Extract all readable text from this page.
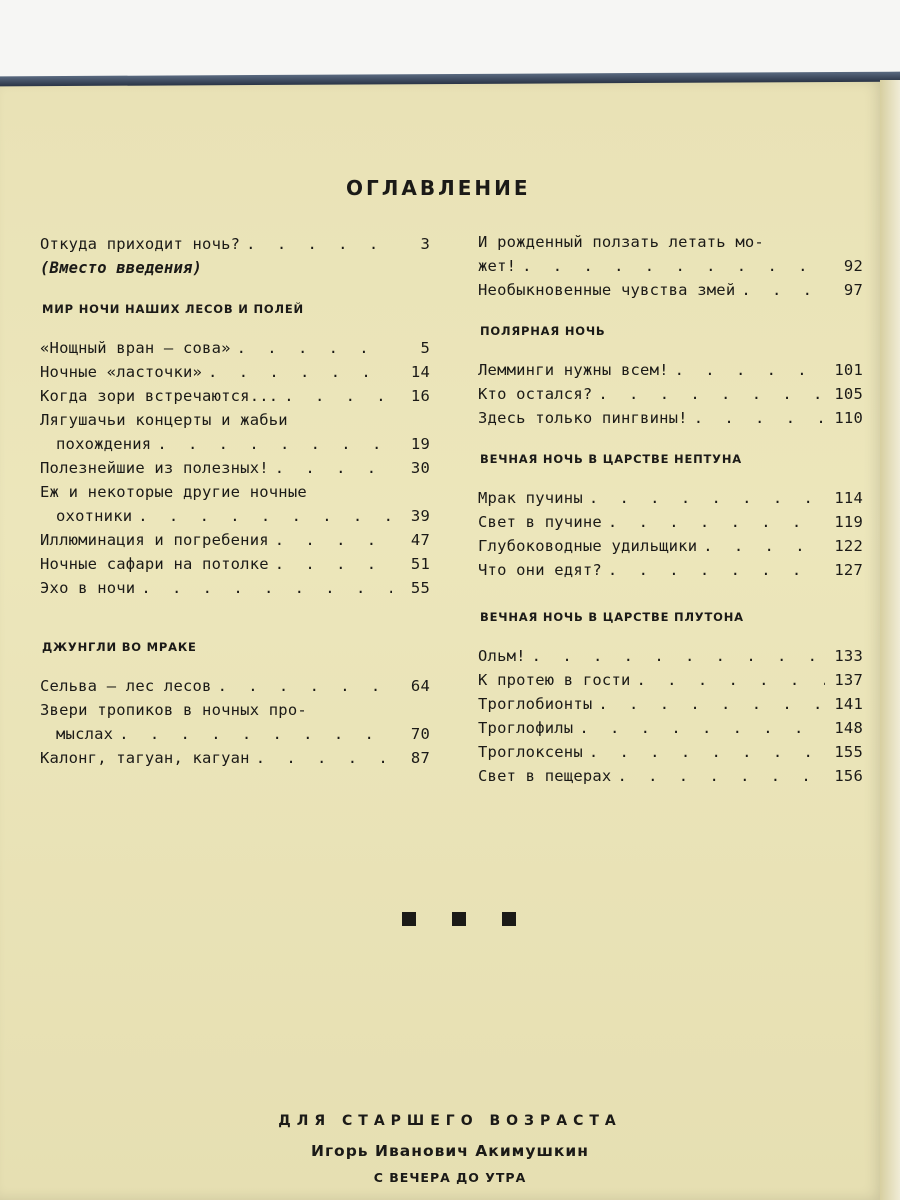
ОГЛАВЛЕНИЕ
Откуда приходит ночь? . . .	3
(Вместо введения)
МИР НОЧИ НАШИХ ЛЕСОВ И ПОЛЕЙ
«Нощный вран — сова» . . .	5
Ночные «ласточки» . . .	14
Когда зори встречаются... . . .	16
Лягушачьи концерты и жабьи
похождения . . .	19
Полезнейшие из полезных! . . .	30
Еж и некоторые другие ночные
охотники . . .	39
Иллюминация и погребения . . .	47
Ночные сафари на потолке . . .	51
Эхо в ночи . . .	55
ДЖУНГЛИ ВО МРАКЕ
Сельва — лес лесов . . .	64
Звери тропиков в ночных про-
мыслах . . .	70
Калонг, тагуан, кагуан . . .	87
И рожденный ползать летать мо-
жет! . . .	92
Необыкновенные чувства змей . . .	97
ПОЛЯРНАЯ НОЧЬ
Лемминги нужны всем! . . .	101
Кто остался? . . .	105
Здесь только пингвины! . . .	110
ВЕЧНАЯ НОЧЬ В ЦАРСТВЕ НЕПТУНА
Мрак пучины . . .	114
Свет в пучине . . .	119
Глубоководные удильщики . . .	122
Что они едят? . . .	127
ВЕЧНАЯ НОЧЬ В ЦАРСТВЕ ПЛУТОНА
Ольм! . . .	133
К протею в гости . . .	137
Троглобионты . . .	141
Троглофилы . . .	148
Троглоксены . . .	155
Свет в пещерах . . .	156
ДЛЯ СТАРШЕГО ВОЗРАСТА
Игорь Иванович Акимушкин
С ВЕЧЕРА ДО УТРА
